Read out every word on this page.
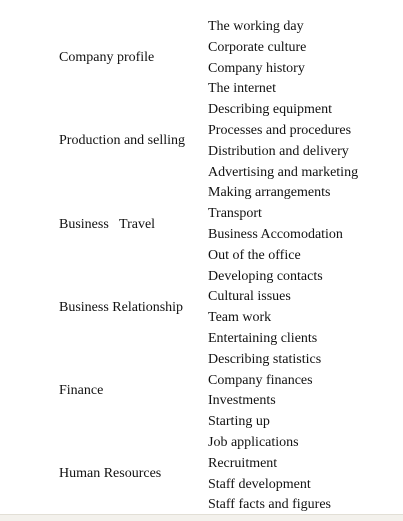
Company profile
The working day
Corporate culture
Company history
The internet
Production and selling
Describing equipment
Processes and procedures
Distribution and delivery
Advertising and marketing
Business   Travel
Making arrangements
Transport
Business Accomodation
Out of the office
Business Relationship
Developing contacts
Cultural issues
Team work
Entertaining clients
Finance
Describing statistics
Company finances
Investments
Starting up
Human Resources
Job applications
Recruitment
Staff development
Staff facts and figures
